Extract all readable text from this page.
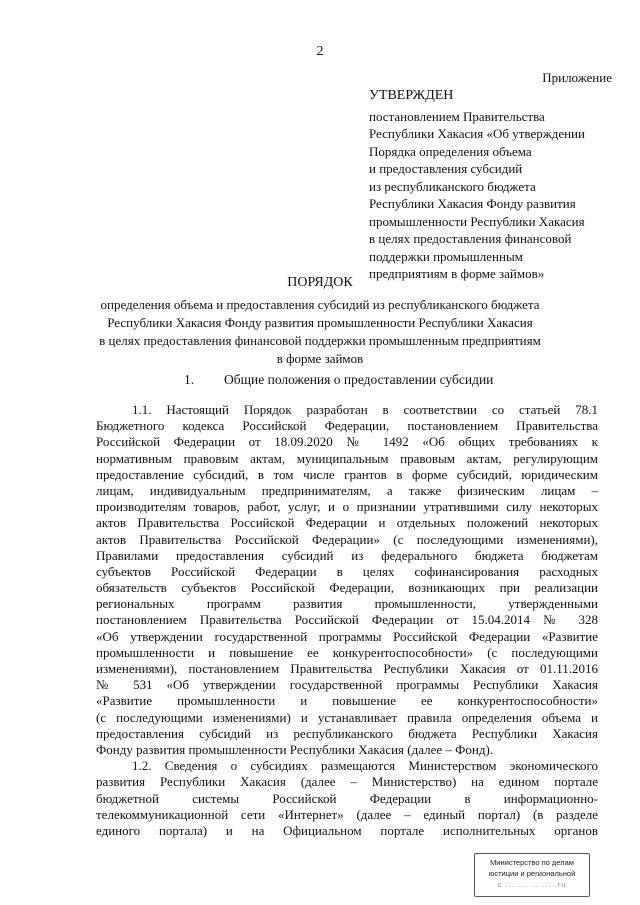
2
Приложение
УТВЕРЖДЕН
постановлением Правительства
Республики Хакасия «Об утверждении
Порядка определения объема
и предоставления субсидий
из республиканского бюджета
Республики Хакасия Фонду развития
промышленности Республики Хакасия
в целях предоставления финансовой
поддержки промышленным
предприятиям в форме займов»
ПОРЯДОК
определения объема и предоставления субсидий из республиканского бюджета
Республики Хакасия Фонду развития промышленности Республики Хакасия
в целях предоставления финансовой поддержки промышленным предприятиям
в форме займов
1. Общие положения о предоставлении субсидии
1.1. Настоящий Порядок разработан в соответствии со статьей 78.1
Бюджетного кодекса Российской Федерации, постановлением Правительства
Российской Федерации от 18.09.2020 № 1492 «Об общих требованиях к
нормативным правовым актам, муниципальным правовым актам, регулирующим
предоставление субсидий, в том числе грантов в форме субсидий, юридическим
лицам, индивидуальным предпринимателям, а также физическим лицам –
производителям товаров, работ, услуг, и о признании утратившими силу некоторых
актов Правительства Российской Федерации и отдельных положений некоторых
актов Правительства Российской Федерации» (с последующими изменениями),
Правилами предоставления субсидий из федерального бюджета бюджетам
субъектов Российской Федерации в целях софинансирования расходных
обязательств субъектов Российской Федерации, возникающих при реализации
региональных программ развития промышленности, утвержденными
постановлением Правительства Российской Федерации от 15.04.2014 № 328
«Об утверждении государственной программы Российской Федерации «Развитие
промышленности и повышение ее конкурентоспособности» (с последующими
изменениями), постановлением Правительства Республики Хакасия от 01.11.2016
№ 531 «Об утверждении государственной программы Республики Хакасия
«Развитие промышленности и повышение ее конкурентоспособности»
(с последующими изменениями) и устанавливает правила определения объема и
предоставления субсидий из республиканского бюджета Республики Хакасия
Фонду развития промышленности Республики Хакасия (далее – Фонд).
1.2. Сведения о субсидиях размещаются Министерством экономического
развития Республики Хакасия (далее – Министерство) на едином портале
бюджетной системы Российской Федерации в информационно-
телекоммуникационной сети «Интернет» (далее – единый портал) (в разделе
единого портала) и на Официальном портале исполнительных органов
Министерство по делам
юстиции и региональной
с ... ... ... ... .ru
